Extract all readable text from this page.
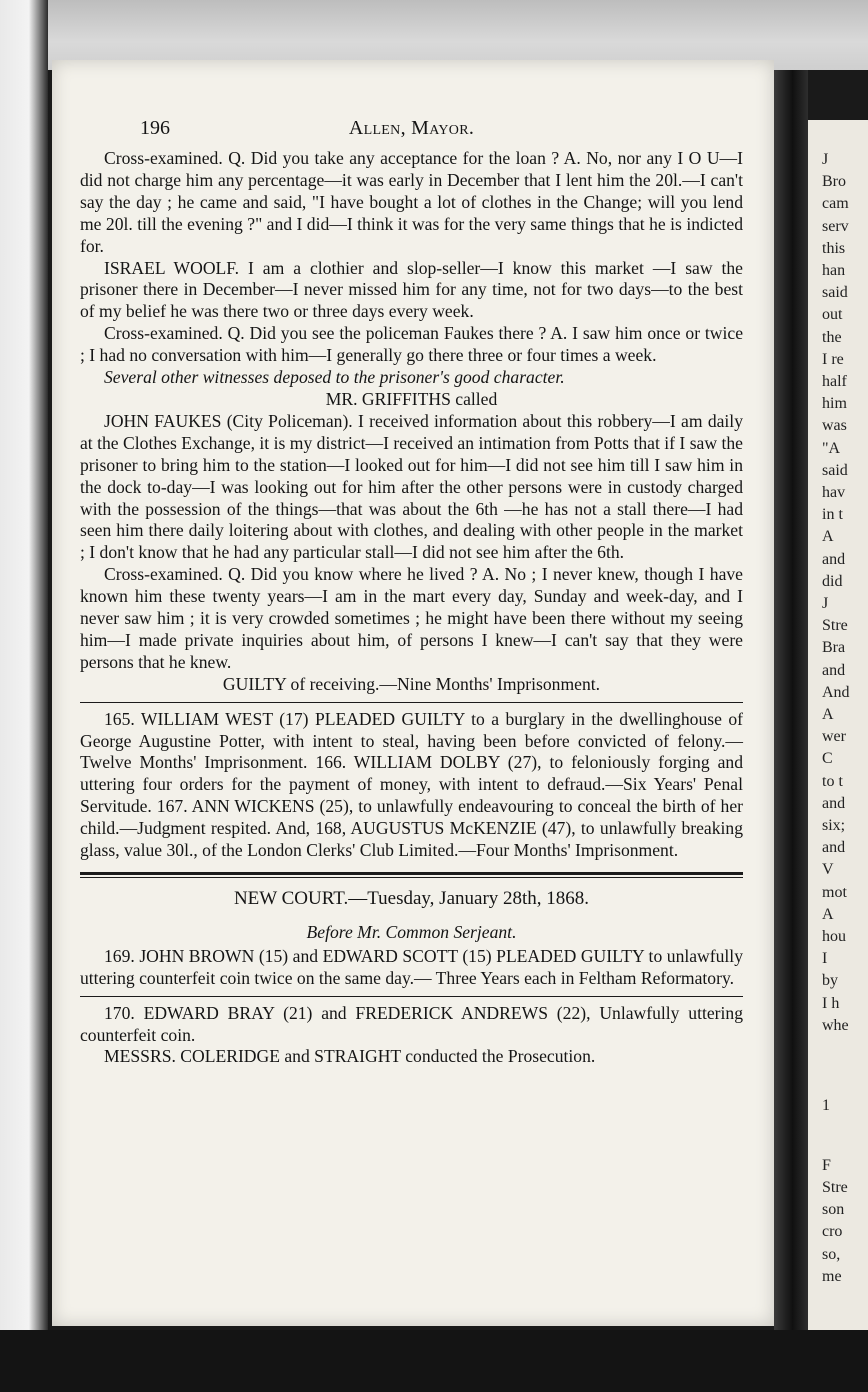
J
Bro
cam
serv
this
han
said
out
the
I re
half
him
was
"A
said
hav
in t
A
and
did
J
Stre
Bra
and
And
A
wer
C
to t
and
six;
and
V
mot
A
hou
I
by
I h
whe
1
F
Stre
son
cro
so,
me
196	Allen, Mayor.

Cross-examined. Q. Did you take any acceptance for the loan ? A. No, nor any I O U—I did not charge him any percentage—it was early in December that I lent him the 20l.—I can't say the day ; he came and said, "I have bought a lot of clothes in the Change; will you lend me 20l. till the evening ?" and I did—I think it was for the very same things that he is indicted for.

ISRAEL WOOLF. I am a clothier and slop-seller—I know this market —I saw the prisoner there in December—I never missed him for any time, not for two days—to the best of my belief he was there two or three days every week.

Cross-examined. Q. Did you see the policeman Faukes there ? A. I saw him once or twice ; I had no conversation with him—I generally go there three or four times a week.

Several other witnesses deposed to the prisoner's good character.

MR. GRIFFITHS called

JOHN FAUKES (City Policeman). I received information about this robbery—I am daily at the Clothes Exchange, it is my district—I received an intimation from Potts that if I saw the prisoner to bring him to the station—I looked out for him—I did not see him till I saw him in the dock to-day—I was looking out for him after the other persons were in custody charged with the possession of the things—that was about the 6th —he has not a stall there—I had seen him there daily loitering about with clothes, and dealing with other people in the market ; I don't know that he had any particular stall—I did not see him after the 6th.

Cross-examined. Q. Did you know where he lived ? A. No ; I never knew, though I have known him these twenty years—I am in the mart every day, Sunday and week-day, and I never saw him ; it is very crowded sometimes ; he might have been there without my seeing him—I made private inquiries about him, of persons I knew—I can't say that they were persons that he knew.

GUILTY of receiving.—Nine Months' Imprisonment.

165. WILLIAM WEST (17) PLEADED GUILTY to a burglary in the dwellinghouse of George Augustine Potter, with intent to steal, having been before convicted of felony.—Twelve Months' Imprisonment. 166. WILLIAM DOLBY (27), to feloniously forging and uttering four orders for the payment of money, with intent to defraud.—Six Years' Penal Servitude. 167. ANN WICKENS (25), to unlawfully endeavouring to conceal the birth of her child.—Judgment respited. And, 168, AUGUSTUS McKENZIE (47), to unlawfully breaking glass, value 30l., of the London Clerks' Club Limited.—Four Months' Imprisonment.

NEW COURT.—Tuesday, January 28th, 1868.

Before Mr. Common Serjeant.

169. JOHN BROWN (15) and EDWARD SCOTT (15) PLEADED GUILTY to unlawfully uttering counterfeit coin twice on the same day.— Three Years each in Feltham Reformatory.

170. EDWARD BRAY (21) and FREDERICK ANDREWS (22), Unlawfully uttering counterfeit coin.

MESSRS. COLERIDGE and STRAIGHT conducted the Prosecution.
